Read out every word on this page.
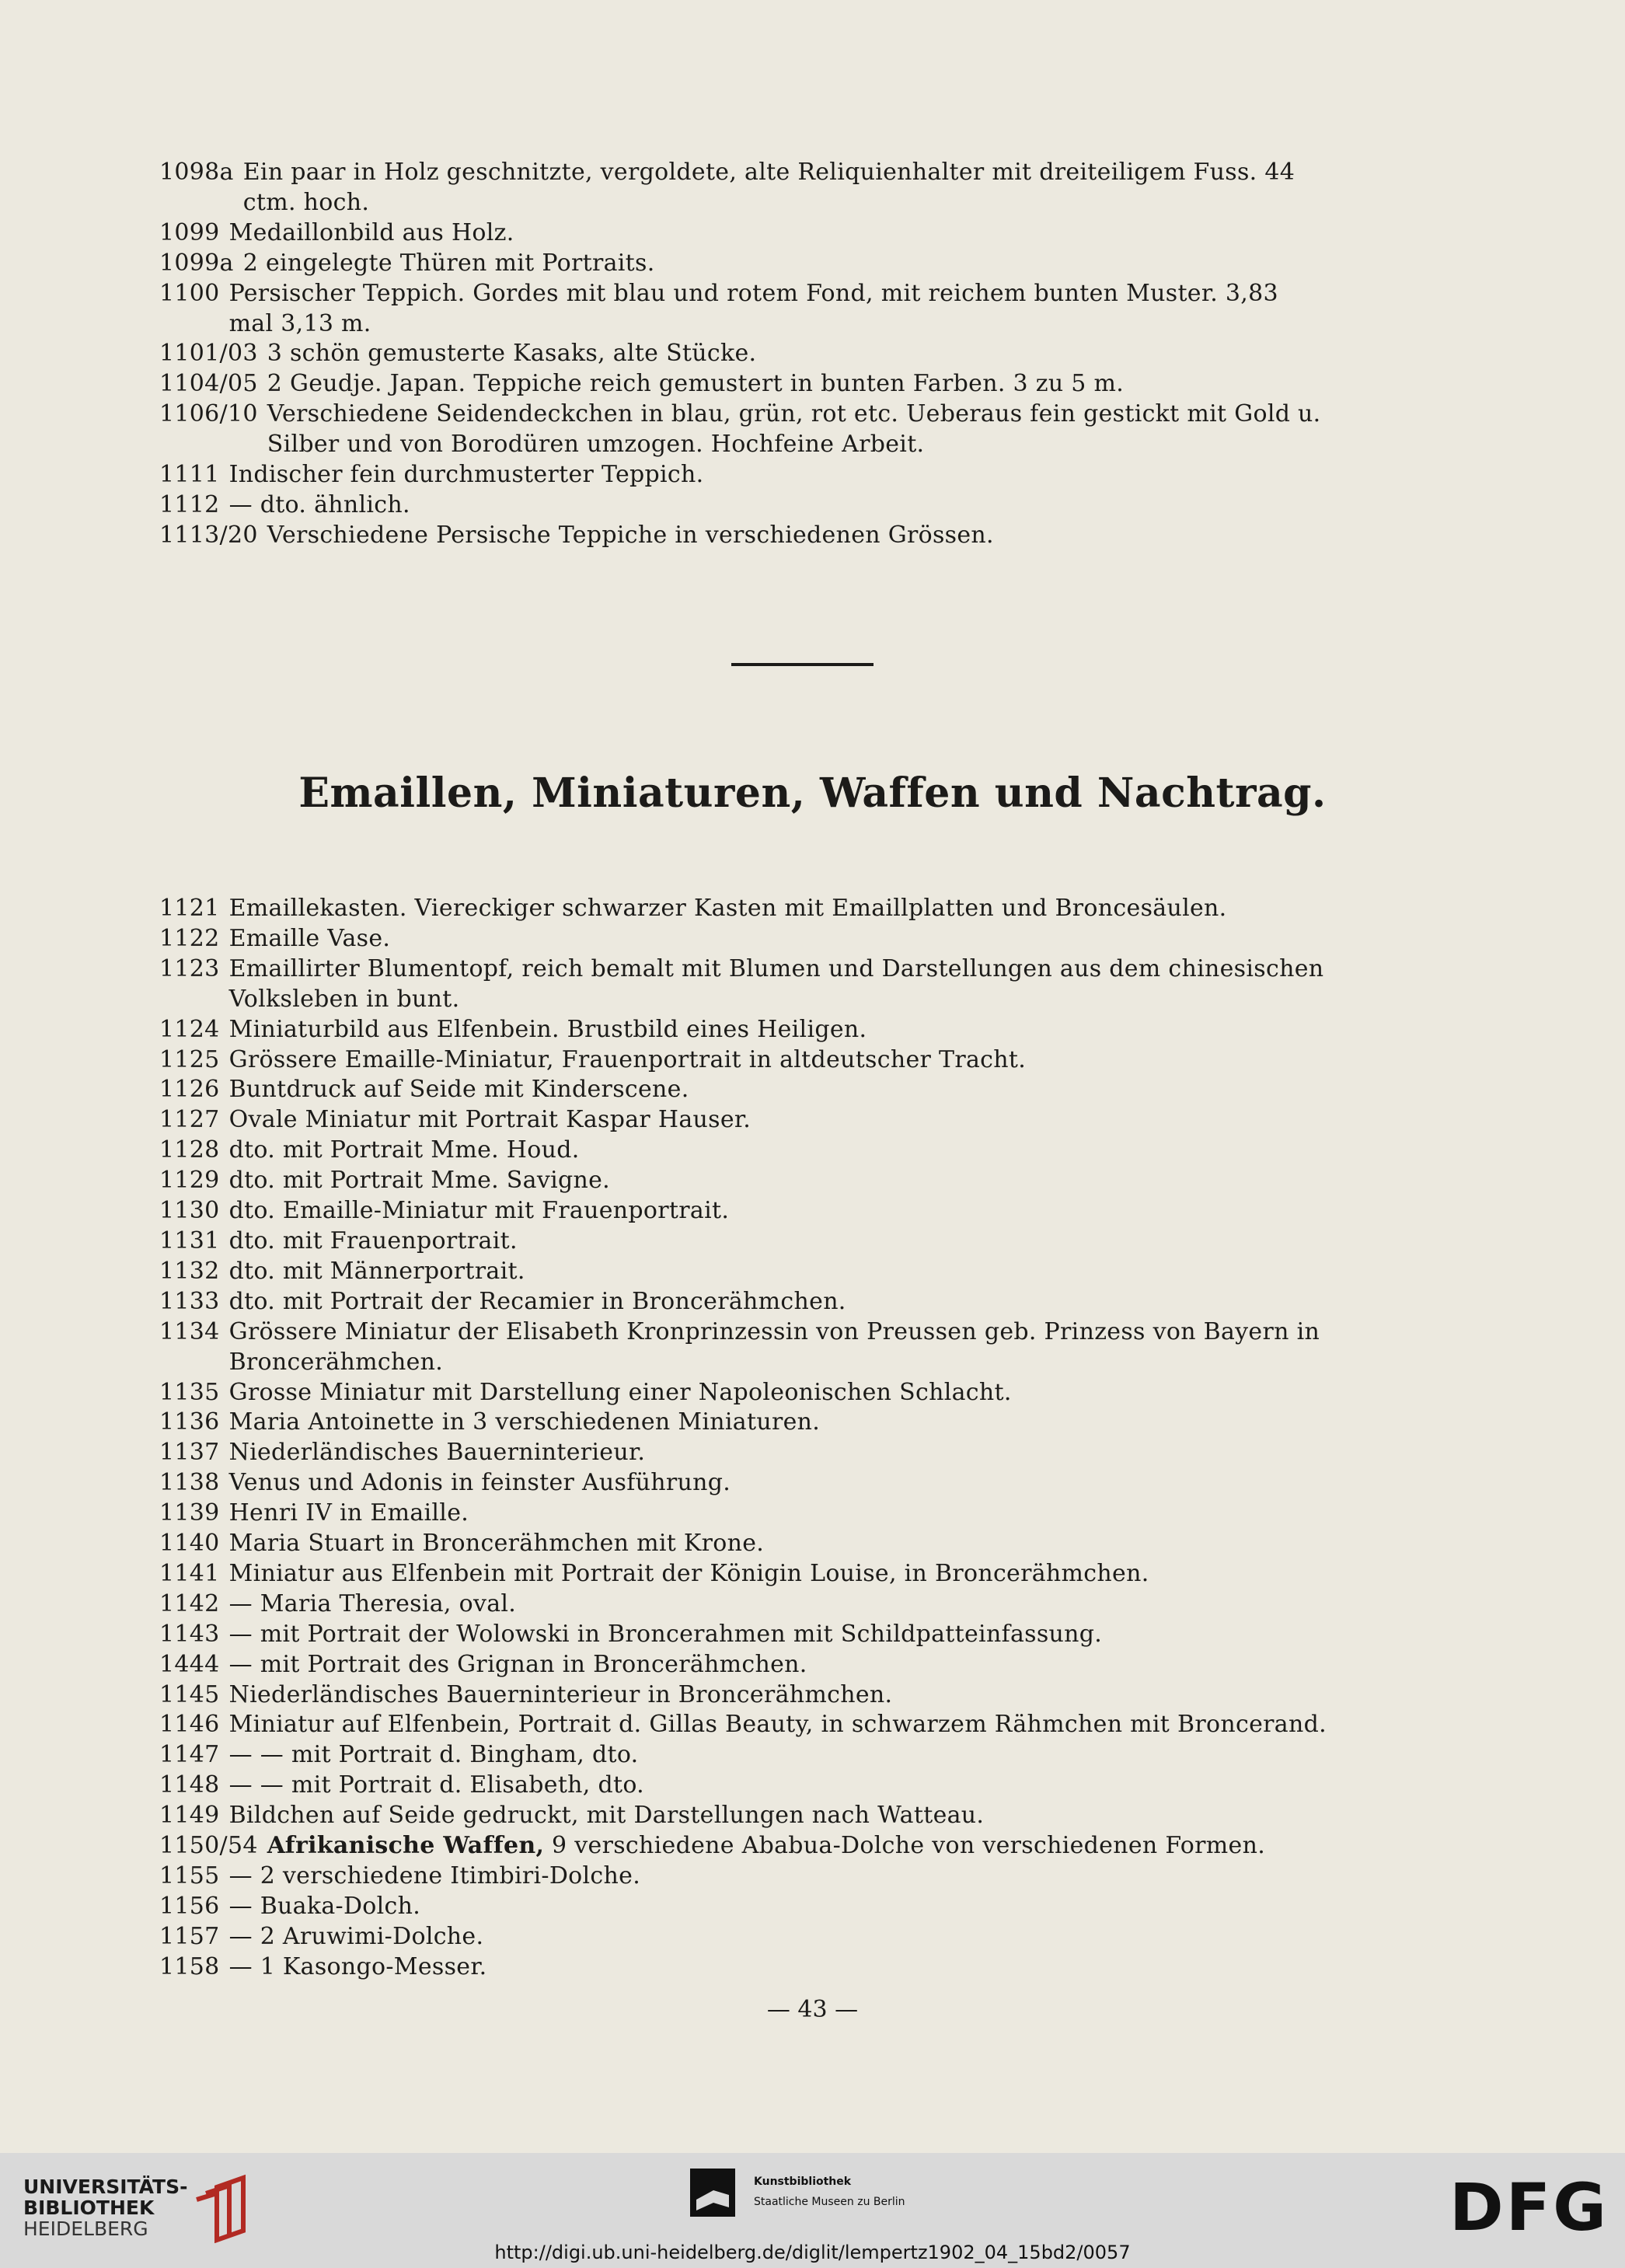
1098a Ein paar in Holz geschnitzte, vergoldete, alte Reliquienhalter mit dreiteiligem Fuss. 44
ctm. hoch.
1099 Medaillonbild aus Holz.
1099a 2 eingelegte Thüren mit Portraits.
1100 Persischer Teppich. Gordes mit blau und rotem Fond, mit reichem bunten Muster. 3,83
mal 3,13 m.
1101/03 3 schön gemusterte Kasaks, alte Stücke.
1104/05 2 Geudje. Japan. Teppiche reich gemustert in bunten Farben. 3 zu 5 m.
1106/10 Verschiedene Seidendeckchen in blau, grün, rot etc. Ueberaus fein gestickt mit Gold u.
Silber und von Borodüren umzogen. Hochfeine Arbeit.
1111 Indischer fein durchmusterter Teppich.
1112 — dto. ähnlich.
1113/20 Verschiedene Persische Teppiche in verschiedenen Grössen.
Emaillen, Miniaturen, Waffen und Nachtrag.
1121 Emaillekasten. Viereckiger schwarzer Kasten mit Emaillplatten und Broncesäulen.
1122 Emaille Vase.
1123 Emaillirter Blumentopf, reich bemalt mit Blumen und Darstellungen aus dem chinesischen
Volksleben in bunt.
1124 Miniaturbild aus Elfenbein. Brustbild eines Heiligen.
1125 Grössere Emaille-Miniatur, Frauenportrait in altdeutscher Tracht.
1126 Buntdruck auf Seide mit Kinderscene.
1127 Ovale Miniatur mit Portrait Kaspar Hauser.
1128 dto. mit Portrait Mme. Houd.
1129 dto. mit Portrait Mme. Savigne.
1130 dto. Emaille-Miniatur mit Frauenportrait.
1131 dto. mit Frauenportrait.
1132 dto. mit Männerportrait.
1133 dto. mit Portrait der Recamier in Broncerähmchen.
1134 Grössere Miniatur der Elisabeth Kronprinzessin von Preussen geb. Prinzess von Bayern in
Broncerähmchen.
1135 Grosse Miniatur mit Darstellung einer Napoleonischen Schlacht.
1136 Maria Antoinette in 3 verschiedenen Miniaturen.
1137 Niederländisches Bauerninterieur.
1138 Venus und Adonis in feinster Ausführung.
1139 Henri IV in Emaille.
1140 Maria Stuart in Broncerähmchen mit Krone.
1141 Miniatur aus Elfenbein mit Portrait der Königin Louise, in Broncerähmchen.
1142 — Maria Theresia, oval.
1143 — mit Portrait der Wolowski in Broncerahmen mit Schildpatteinfassung.
1444 — mit Portrait des Grignan in Broncerähmchen.
1145 Niederländisches Bauerninterieur in Broncerähmchen.
1146 Miniatur auf Elfenbein, Portrait d. Gillas Beauty, in schwarzem Rähmchen mit Broncerand.
1147 — — mit Portrait d. Bingham, dto.
1148 — — mit Portrait d. Elisabeth, dto.
1149 Bildchen auf Seide gedruckt, mit Darstellungen nach Watteau.
1150/54 Afrikanische Waffen, 9 verschiedene Ababua-Dolche von verschiedenen Formen.
1155 — 2 verschiedene Itimbiri-Dolche.
1156 — Buaka-Dolch.
1157 — 2 Aruwimi-Dolche.
1158 — 1 Kasongo-Messer.
— 43 —
UNIVERSITÄTS-
BIBLIOTHEK
HEIDELBERG
Kunstbibliothek
Staatliche Museen zu Berlin	DFG
http://digi.ub.uni-heidelberg.de/diglit/lempertz1902_04_15bd2/0057
